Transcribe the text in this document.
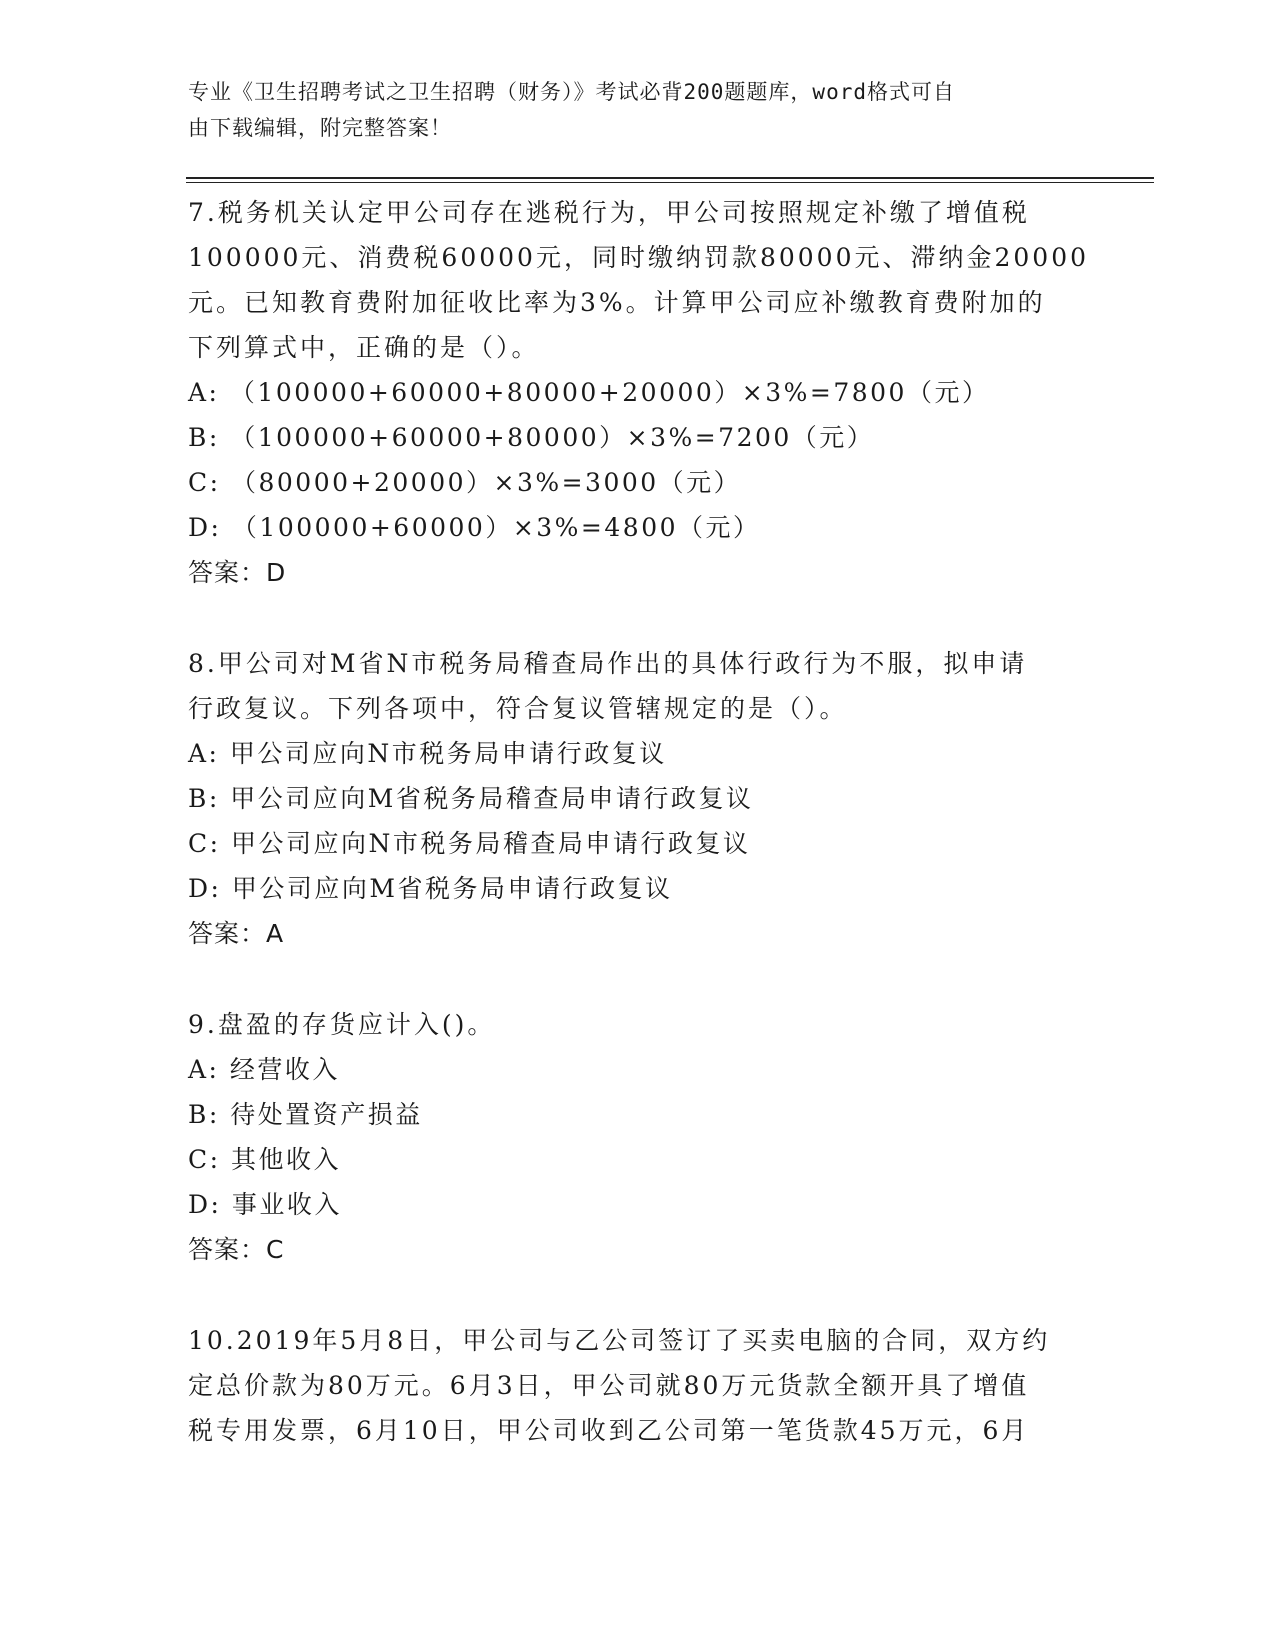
专业《卫生招聘考试之卫生招聘（财务）》考试必背200题题库，word格式可自
由下载编辑，附完整答案！

7.税务机关认定甲公司存在逃税行为，甲公司按照规定补缴了增值税

100000元、消费税60000元，同时缴纳罚款80000元、滞纳金20000

元。已知教育费附加征收比率为3%。计算甲公司应补缴教育费附加的

下列算式中，正确的是（）。

A: （100000+60000+80000+20000）×3%=7800（元）

B: （100000+60000+80000）×3%=7200（元）

C: （80000+20000）×3%=3000（元）

D: （100000+60000）×3%=4800（元）

答案：D

8.甲公司对M省N市税务局稽查局作出的具体行政行为不服，拟申请

行政复议。下列各项中，符合复议管辖规定的是（）。

A: 甲公司应向N市税务局申请行政复议

B: 甲公司应向M省税务局稽查局申请行政复议

C: 甲公司应向N市税务局稽查局申请行政复议

D: 甲公司应向M省税务局申请行政复议

答案：A

9.盘盈的存货应计入()。

A: 经营收入

B: 待处置资产损益

C: 其他收入

D: 事业收入

答案：C

10.2019年5月8日，甲公司与乙公司签订了买卖电脑的合同，双方约

定总价款为80万元。6月3日，甲公司就80万元货款全额开具了增值

税专用发票，6月10日，甲公司收到乙公司第一笔货款45万元，6月
